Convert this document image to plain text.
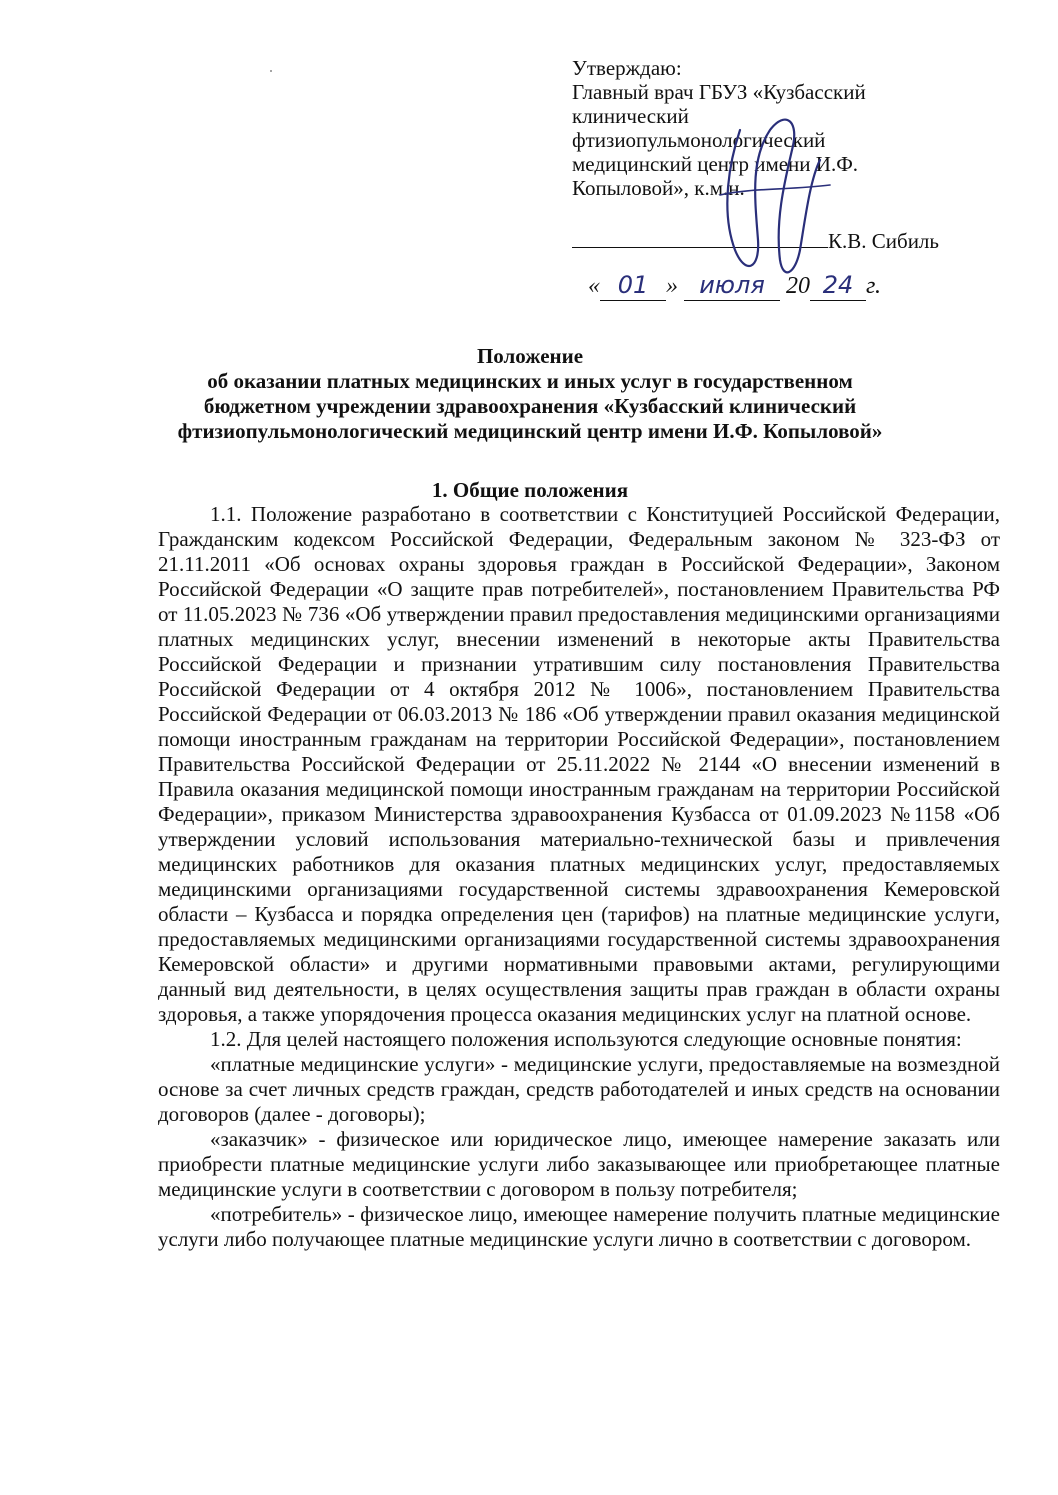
Утверждаю:
Главный врач ГБУЗ «Кузбасский
клинический
фтизиопульмонологический
медицинский центр имени И.Ф.
Копыловой», к.м.н.
К.В. Сибиль
« 01 » июля 20 24 г.
Положение
об оказании платных медицинских и иных услуг в государственном
бюджетном учреждении здравоохранения «Кузбасский клинический
фтизиопульмонологический медицинский центр имени И.Ф. Копыловой»
1. Общие положения

1.1. Положение разработано в соответствии с Конституцией Российской Федерации, Гражданским кодексом Российской Федерации, Федеральным законом № 323-ФЗ от 21.11.2011 «Об основах охраны здоровья граждан в Российской Федерации», Законом Российской Федерации «О защите прав потребителей», постановлением Правительства РФ от 11.05.2023 № 736 «Об утверждении правил предоставления медицинскими организациями платных медицинских услуг, внесении изменений в некоторые акты Правительства Российской Федерации и признании утратившим силу постановления Правительства Российской Федерации от 4 октября 2012 № 1006», постановлением Правительства Российской Федерации от 06.03.2013 № 186 «Об утверждении правил оказания медицинской помощи иностранным гражданам на территории Российской Федерации», постановлением Правительства Российской Федерации от 25.11.2022 № 2144 «О внесении изменений в Правила оказания медицинской помощи иностранным гражданам на территории Российской Федерации», приказом Министерства здравоохранения Кузбасса от 01.09.2023 №1158 «Об утверждении условий использования материально-технической базы и привлечения медицинских работников для оказания платных медицинских услуг, предоставляемых медицинскими организациями государственной системы здравоохранения Кемеровской области – Кузбасса и порядка определения цен (тарифов) на платные медицинские услуги, предоставляемых медицинскими организациями государственной системы здравоохранения Кемеровской области» и другими нормативными правовыми актами, регулирующими данный вид деятельности, в целях осуществления защиты прав граждан в области охраны здоровья, а также упорядочения процесса оказания медицинских услуг на платной основе.

1.2. Для целей настоящего положения используются следующие основные понятия:

«платные медицинские услуги» - медицинские услуги, предоставляемые на возмездной основе за счет личных средств граждан, средств работодателей и иных средств на основании договоров (далее - договоры);

«заказчик» - физическое или юридическое лицо, имеющее намерение заказать или приобрести платные медицинские услуги либо заказывающее или приобретающее платные медицинские услуги в соответствии с договором в пользу потребителя;

«потребитель» - физическое лицо, имеющее намерение получить платные медицинские услуги либо получающее платные медицинские услуги лично в соответствии с договором.
